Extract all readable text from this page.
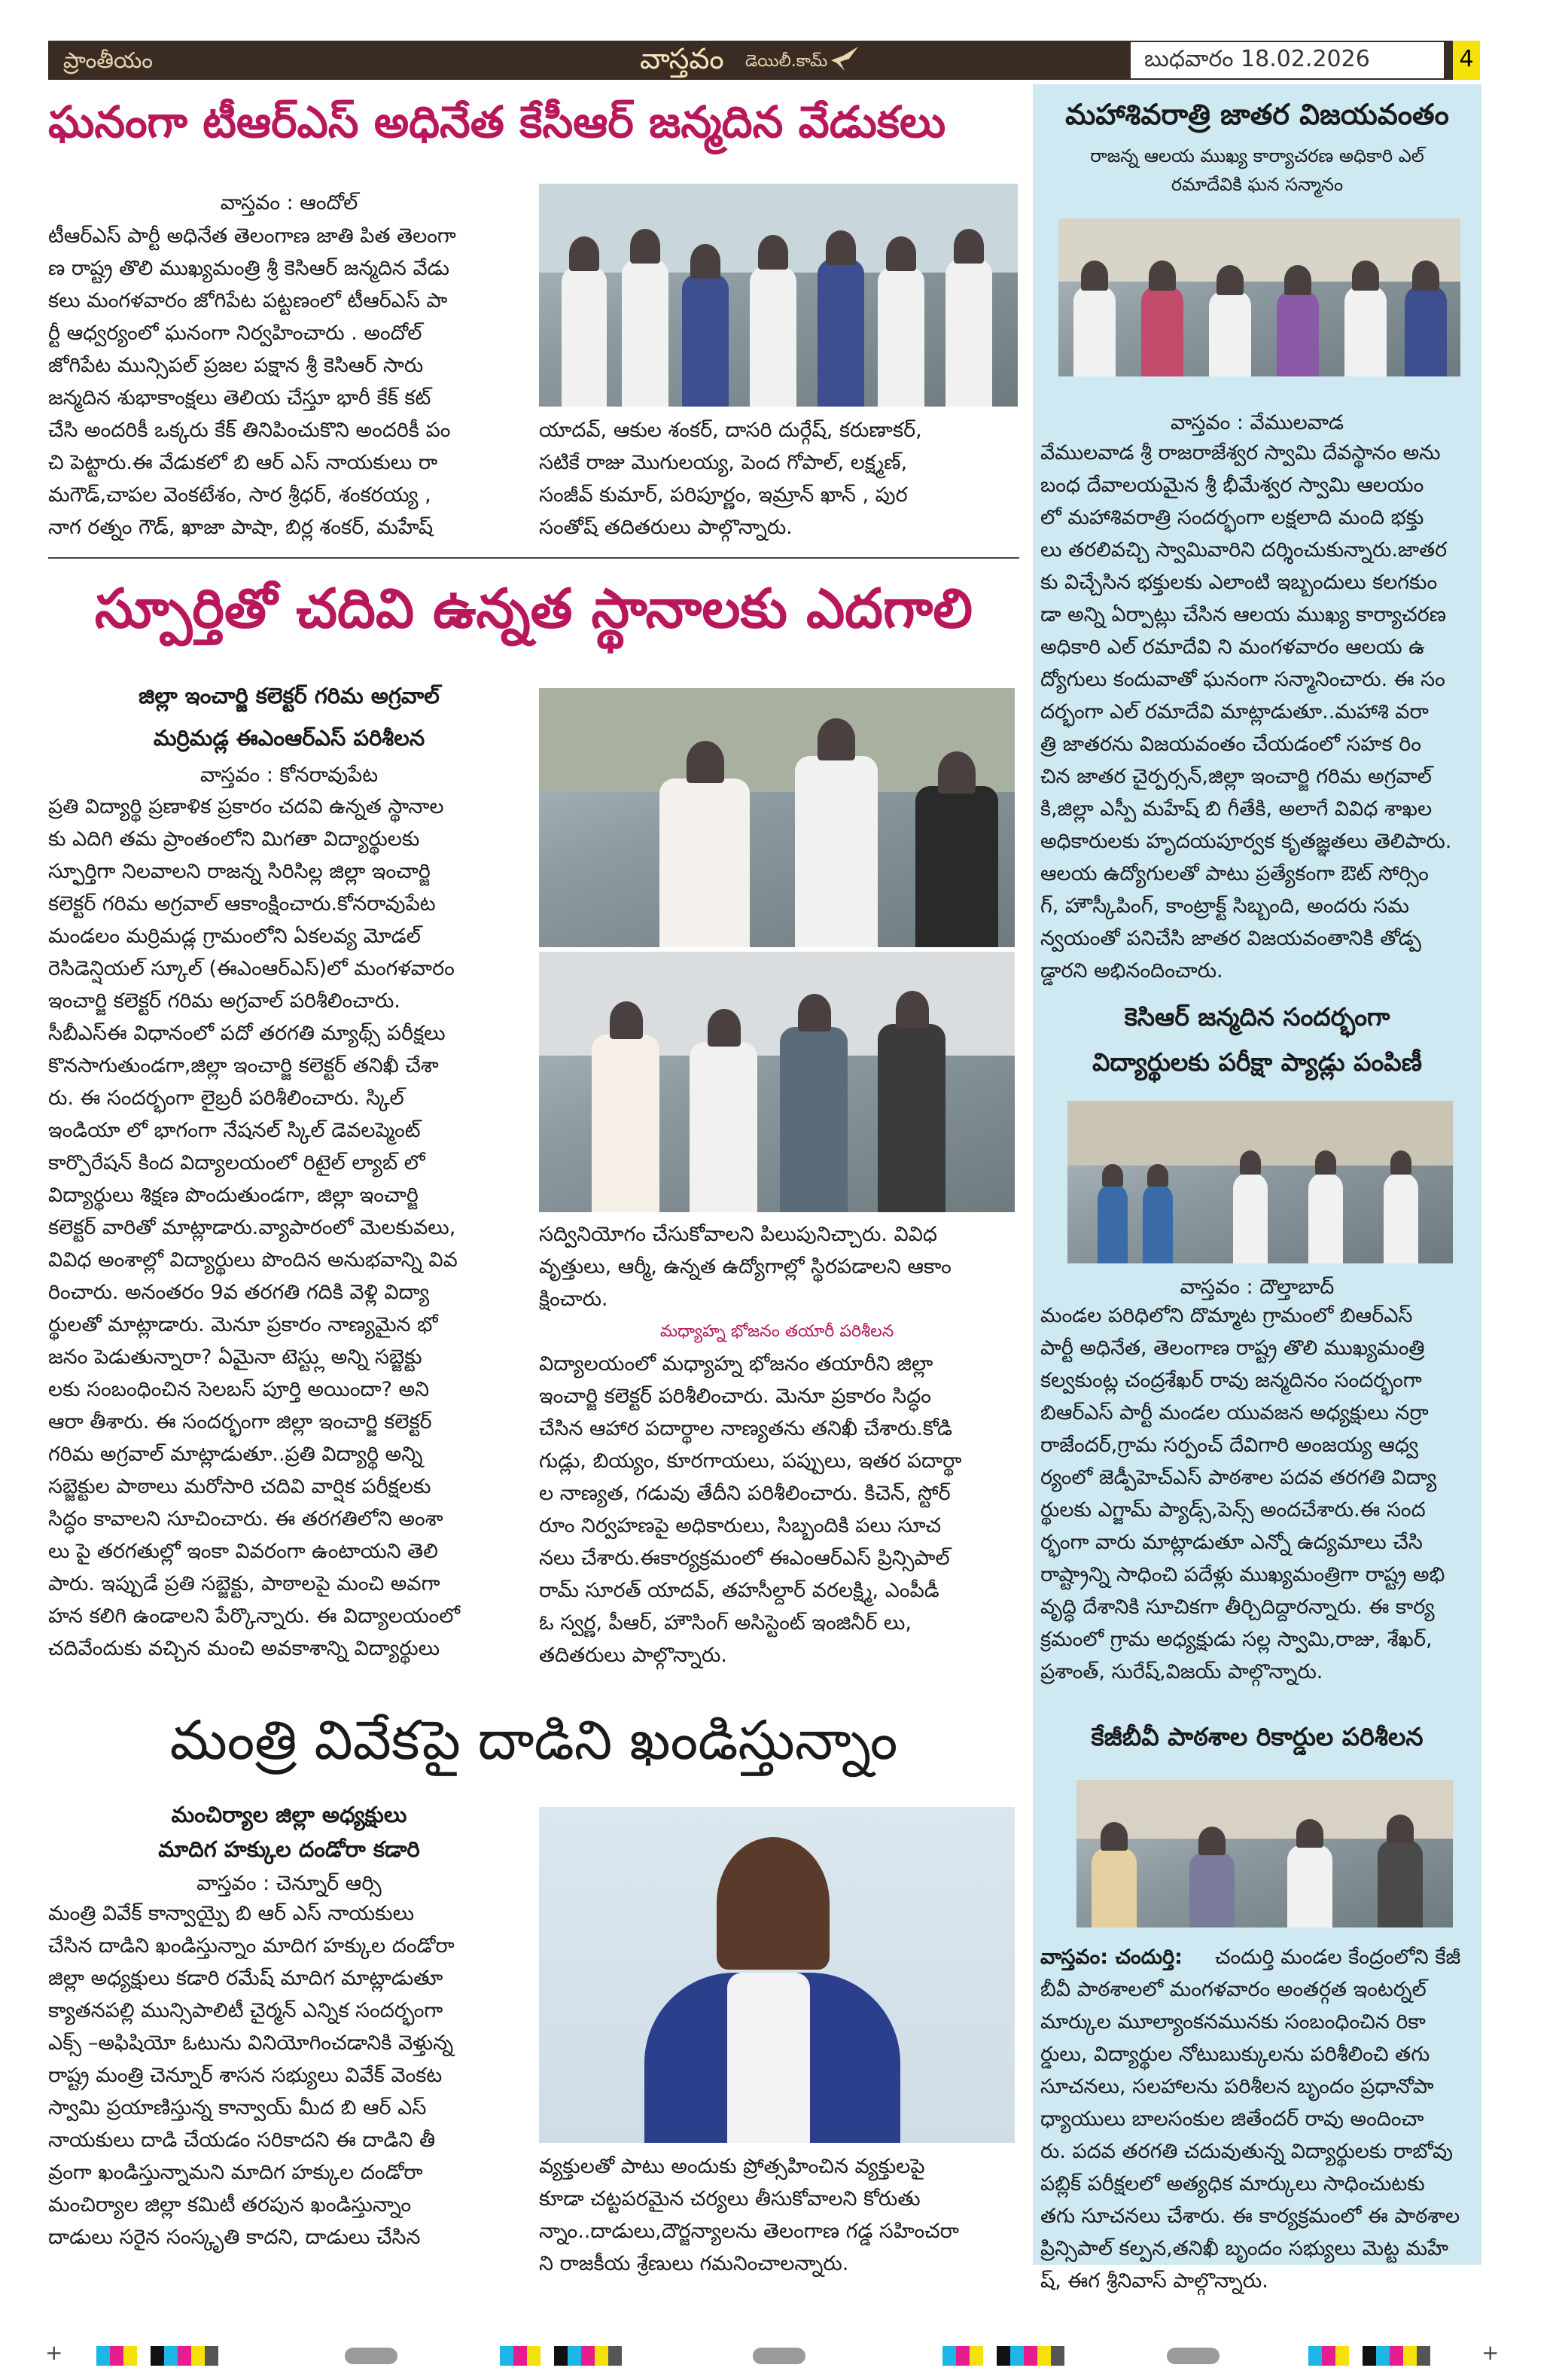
ప్రాంతీయం	వాస్తవం డెయిలీ.కామ్	బుధవారం 18.02.2026	4
ఘనంగా టీఆర్ఎస్ అధినేత కేసీఆర్ జన్మదిన వేడుకలు
వాస్తవం : ఆందోల్
టీఆర్ఎస్ పార్టీ అధినేత తెలంగాణ జాతి పిత తెలంగా
ణ రాష్ట్ర తొలి ముఖ్యమంత్రి శ్రీ కెసిఆర్ జన్మదిన వేడు
కలు మంగళవారం జోగిపేట పట్టణంలో టీఆర్ఎస్ పా
ర్టీ ఆధ్వర్యంలో ఘనంగా నిర్వహించారు . అందోల్
జోగిపేట మున్సిపల్ ప్రజల పక్షాన శ్రీ కెసిఆర్ సారు
జన్మదిన శుభాకాంక్షలు తెలియ చేస్తూ భారీ కేక్ కట్
చేసి అందరికీ ఒక్కరు కేక్ తినిపించుకొని అందరికీ పం
చి పెట్టారు.ఈ వేడుకలో బి ఆర్ ఎస్ నాయకులు రా
మగౌడ్,చాపల వెంకటేశం, సార శ్రీధర్, శంకరయ్య ,
నాగ రత్నం గౌడ్, ఖాజా పాషా, బిర్ల శంకర్, మహేష్
యాదవ్, ఆకుల శంకర్, దాసరి దుర్గేష్, కరుణాకర్,
సటికే రాజు మొగులయ్య, పెంద గోపాల్, లక్ష్మణ్,
సంజీవ్ కుమార్, పరిపూర్ణం, ఇమ్రాన్ ఖాన్ , పుర
సంతోష్ తదితరులు పాల్గొన్నారు.
స్పూర్తితో చదివి ఉన్నత స్థానాలకు ఎదగాలి
జిల్లా ఇంచార్జి కలెక్టర్ గరిమ అగ్రవాల్
మర్రిమడ్ల ఈఎంఆర్ఎస్ పరిశీలన
వాస్తవం : కోనరావుపేట
ప్రతి విద్యార్థి ప్రణాళిక ప్రకారం చదవి ఉన్నత స్థానాల
కు ఎదిగి తమ ప్రాంతంలోని మిగతా విద్యార్థులకు
స్ఫూర్తిగా నిలవాలని రాజన్న సిరిసిల్ల జిల్లా ఇంచార్జి
కలెక్టర్ గరిమ అగ్రవాల్ ఆకాంక్షించారు.కోనరావుపేట
మండలం మర్రిమడ్ల గ్రామంలోని ఏకలవ్య మోడల్
రెసిడెన్షియల్ స్కూల్ (ఈఎంఆర్ఎస్)లో మంగళవారం
ఇంచార్జి కలెక్టర్ గరిమ అగ్రవాల్ పరిశీలించారు.
సీబీఎస్ఈ విధానంలో పదో తరగతి మ్యాథ్స్ పరీక్షలు
కొనసాగుతుండగా,జిల్లా ఇంచార్జి కలెక్టర్ తనిఖీ చేశా
రు. ఈ సందర్భంగా లైబ్రరీ పరిశీలించారు. స్కిల్
ఇండియా లో భాగంగా నేషనల్ స్కిల్ డెవలప్మెంట్
కార్పొరేషన్ కింద విద్యాలయంలో రిటైల్ ల్యాబ్ లో
విద్యార్థులు శిక్షణ పొందుతుండగా, జిల్లా ఇంచార్జి
కలెక్టర్ వారితో మాట్లాడారు.వ్యాపారంలో మెలకువలు,
వివిధ అంశాల్లో విద్యార్థులు పొందిన అనుభవాన్ని వివ
రించారు. అనంతరం 9వ తరగతి గదికి వెళ్లి విద్యా
ర్థులతో మాట్లాడారు. మెనూ ప్రకారం నాణ్యమైన భో
జనం పెడుతున్నారా? ఏమైనా టెస్ట్లు అన్ని సబ్జెక్టు
లకు సంబంధించిన సెలబస్ పూర్తి అయిందా? అని
ఆరా తీశారు. ఈ సందర్భంగా జిల్లా ఇంచార్జి కలెక్టర్
గరిమ అగ్రవాల్ మాట్లాడుతూ..ప్రతి విద్యార్థి అన్ని
సబ్జెక్టుల పాఠాలు మరోసారి చదివి వార్షిక పరీక్షలకు
సిద్ధం కావాలని సూచించారు. ఈ తరగతిలోని అంశా
లు పై తరగతుల్లో ఇంకా వివరంగా ఉంటాయని తెలి
పారు. ఇప్పుడే ప్రతి సబ్జెక్టు, పాఠాలపై మంచి అవగా
హన కలిగి ఉండాలని పేర్కొన్నారు. ఈ విద్యాలయంలో
చదివేందుకు వచ్చిన మంచి అవకాశాన్ని విద్యార్థులు
సద్వినియోగం చేసుకోవాలని పిలుపునిచ్చారు. వివిధ
వృత్తులు, ఆర్మీ, ఉన్నత ఉద్యోగాల్లో స్థిరపడాలని ఆకాం
క్షించారు.
మధ్యాహ్న భోజనం తయారీ పరిశీలన
విద్యాలయంలో మధ్యాహ్న భోజనం తయారీని జిల్లా
ఇంచార్జి కలెక్టర్ పరిశీలించారు. మెనూ ప్రకారం సిద్ధం
చేసిన ఆహార పదార్థాల నాణ్యతను తనిఖీ చేశారు.కోడి
గుడ్లు, బియ్యం, కూరగాయలు, పప్పులు, ఇతర పదార్థా
ల నాణ్యత, గడువు తేదీని పరిశీలించారు. కిచెన్, స్టోర్
రూం నిర్వహణపై అధికారులు, సిబ్బందికి పలు సూచ
నలు చేశారు.ఈకార్యక్రమంలో ఈఎంఆర్ఎస్ ప్రిన్సిపాల్
రామ్ సూరత్ యాదవ్, తహసీల్దార్ వరలక్ష్మి, ఎంపీడీ
ఓ స్వర్ణ, పీఆర్, హౌసింగ్ అసిస్టెంట్ ఇంజినీర్ లు,
తదితరులు పాల్గొన్నారు.
మంత్రి వివేకపై దాడిని ఖండిస్తున్నాం
మంచిర్యాల జిల్లా అధ్యక్షులు
మాదిగ హక్కుల దండోరా కడారి
వాస్తవం : చెన్నూర్ ఆర్సి
మంత్రి వివేక్ కాన్వాయ్పై బి ఆర్ ఎస్ నాయకులు
చేసిన దాడిని ఖండిస్తున్నాం మాదిగ హక్కుల దండోరా
జిల్లా అధ్యక్షులు కడారి రమేష్ మాదిగ మాట్లాడుతూ
క్యాతనపల్లి మున్సిపాలిటీ చైర్మన్ ఎన్నిక సందర్భంగా
ఎక్స్ –అఫిషియో ఓటును వినియోగించడానికి వెళ్తున్న
రాష్ట్ర మంత్రి చెన్నూర్ శాసన సభ్యులు వివేక్ వెంకట
స్వామి ప్రయాణిస్తున్న కాన్వాయ్ మీద బి ఆర్ ఎస్
నాయకులు దాడి చేయడం సరికాదని ఈ దాడిని తీ
వ్రంగా ఖండిస్తున్నామని మాదిగ హక్కుల దండోరా
మంచిర్యాల జిల్లా కమిటీ తరపున ఖండిస్తున్నాం
దాడులు సరైన సంస్కృతి కాదని, దాడులు చేసిన
వ్యక్తులతో పాటు అందుకు ప్రోత్సహించిన వ్యక్తులపై
కూడా చట్టపరమైన చర్యలు తీసుకోవాలని కోరుతు
న్నాం..దాడులు,దౌర్జన్యాలను తెలంగాణ గడ్డ సహించరా
ని రాజకీయ శ్రేణులు గమనించాలన్నారు.
మహాశివరాత్రి జాతర విజయవంతం
రాజన్న ఆలయ ముఖ్య కార్యాచరణ అధికారి ఎల్
రమాదేవికి ఘన సన్మానం
వాస్తవం : వేములవాడ
వేములవాడ శ్రీ రాజరాజేశ్వర స్వామి దేవస్థానం అను
బంధ దేవాలయమైన శ్రీ భీమేశ్వర స్వామి ఆలయం
లో మహాశివరాత్రి సందర్భంగా లక్షలాది మంది భక్తు
లు తరలివచ్చి స్వామివారిని దర్శించుకున్నారు.జాతర
కు విచ్చేసిన భక్తులకు ఎలాంటి ఇబ్బందులు కలగకుం
డా అన్ని ఏర్పాట్లు చేసిన ఆలయ ముఖ్య కార్యాచరణ
అధికారి ఎల్ రమాదేవి ని మంగళవారం ఆలయ ఉ
ద్యోగులు కందువాతో ఘనంగా సన్మానించారు. ఈ సం
దర్భంగా ఎల్ రమాదేవి మాట్లాడుతూ..మహాశి వరా
త్రి జాతరను విజయవంతం చేయడంలో సహక రిం
చిన జాతర చైర్పర్సన్,జిల్లా ఇంచార్జి గరిమ అగ్రవాల్
కి,జిల్లా ఎస్పీ మహేష్ బి గీతేకి, అలాగే వివిధ శాఖల
అధికారులకు హృదయపూర్వక కృతజ్ఞతలు తెలిపారు.
ఆలయ ఉద్యోగులతో పాటు ప్రత్యేకంగా ఔట్ సోర్సిం
గ్, హౌస్కీపింగ్, కాంట్రాక్ట్ సిబ్బంది, అందరు సమ
న్వయంతో పనిచేసి జాతర విజయవంతానికి తోడ్ప
డ్డారని అభినందించారు.
కెసిఆర్ జన్మదిన సందర్భంగా
విద్యార్థులకు పరీక్షా ప్యాడ్లు పంపిణీ
వాస్తవం : దౌల్తాబాద్
మండల పరిధిలోని దొమ్మాట గ్రామంలో బిఆర్ఎస్
పార్టీ అధినేత, తెలంగాణ రాష్ట్ర తొలి ముఖ్యమంత్రి
కల్వకుంట్ల చంద్రశేఖర్ రావు జన్మదినం సందర్భంగా
బిఆర్ఎస్ పార్టీ మండల యువజన అధ్యక్షులు నర్రా
రాజేందర్,గ్రామ సర్పంచ్ దేవిగారి అంజయ్య ఆధ్వ
ర్యంలో జెడ్పీహెచ్ఎస్ పాఠశాల పదవ తరగతి విద్యా
ర్థులకు ఎగ్జామ్ ప్యాడ్స్,పెన్స్ అందచేశారు.ఈ సంద
ర్భంగా వారు మాట్లాడుతూ ఎన్నో ఉద్యమాలు చేసి
రాష్ట్రాన్ని సాధించి పదేళ్లు ముఖ్యమంత్రిగా రాష్ట్ర అభి
వృద్ధి దేశానికి సూచికగా తీర్చిదిద్దారన్నారు. ఈ కార్య
క్రమంలో గ్రామ అధ్యక్షుడు సల్ల స్వామి,రాజు, శేఖర్,
ప్రశాంత్, సురేష్,విజయ్ పాల్గొన్నారు.
కేజీబీవీ పాఠశాల రికార్డుల పరిశీలన
వాస్తవం: చందుర్తి:	చందుర్తి మండల కేంద్రంలోని కేజీ
బీవీ పాఠశాలలో మంగళవారం అంతర్గత ఇంటర్నల్
మార్కుల మూల్యాంకనమునకు సంబంధించిన రికా
ర్డులు, విద్యార్థుల నోటుబుక్కులను పరిశీలించి తగు
సూచనలు, సలహాలను పరిశీలన బృందం ప్రధానోపా
ధ్యాయులు బాలసంకుల జితేందర్ రావు అందించా
రు. పదవ తరగతి చదువుతున్న విద్యార్థులకు రాబోవు
పబ్లిక్ పరీక్షలలో అత్యధిక మార్కులు సాధించుటకు
తగు సూచనలు చేశారు. ఈ కార్యక్రమంలో ఈ పాఠశాల
ప్రిన్సిపాల్ కల్పన,తనిఖీ బృందం సభ్యులు మెట్ట మహే
ష్, ఈగ శ్రీనివాస్ పాల్గొన్నారు.
+	+
